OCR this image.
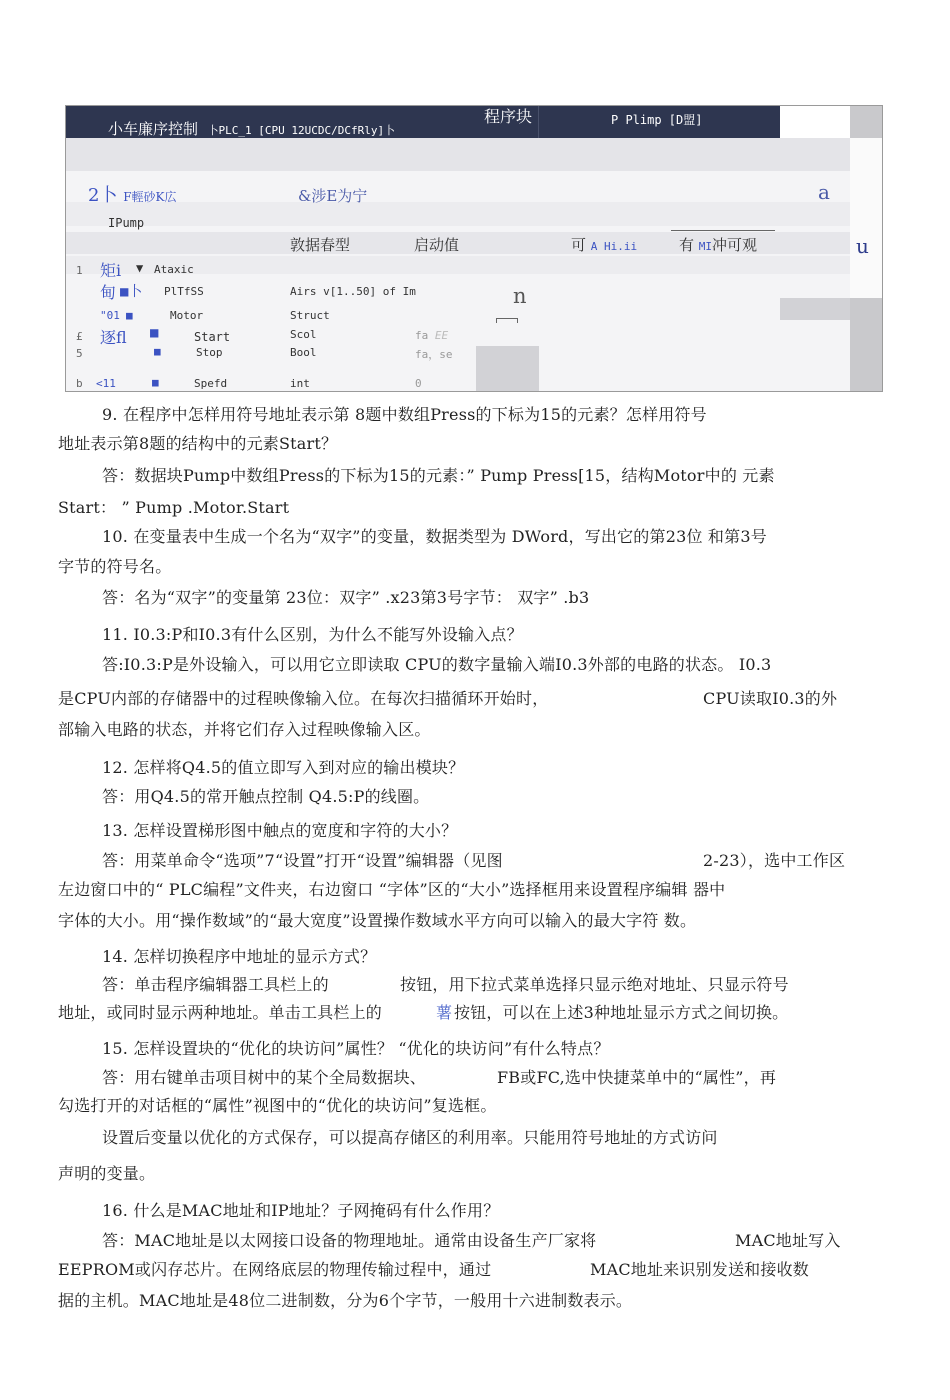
小车廉序控制 卜PLC_1 [CPU 12UCDC/DCfRly]卜
程序块	P Plimp [D盟]
u
2卜 F輕砂K広	&涉E为宁	a
IPump
敦据春型	启动值	可 A Hi.ii	有 MI冲可观
n
1 矩i ▼ Ataxic
甸 ■卜 PlTfSS	Airs v[1..50] of Im
"01 ■	Motor	Struct
£ 逐fl ■	Start	Scol	fa EE
5	■	Stop	Bool	fa，se
b <11	■	Spefd	int	0
9. 在程序中怎样用符号地址表示第 8题中数组Press的下标为15的元素？怎样用符号
地址表示第8题的结构中的元素Start？
答：数据块Pump中数组Press的下标为15的元素：” Pump Press[15，结构Motor中的 元素
Start： ” Pump .Motor.Start
10. 在变量表中生成一个名为“双字”的变量，数据类型为 DWord，写出它的第23位 和第3号
字节的符号名。
答：名为“双字”的变量第 23位：双字” .x23第3号字节： 双字” .b3
11. I0.3:P和I0.3有什么区别，为什么不能写外设输入点？
答:I0.3:P是外设输入，可以用它立即读取 CPU的数字量输入端I0.3外部的电路的状态。 I0.3
是CPU内部的存储器中的过程映像输入位。在每次扫描循环开始时，	CPU读取I0.3的外
部输入电路的状态，并将它们存入过程映像输入区。
12. 怎样将Q4.5的值立即写入到对应的输出模块？
答：用Q4.5的常开触点控制 Q4.5:P的线圈。
13. 怎样设置梯形图中触点的宽度和字符的大小？
答：用菜单命令“选项”7“设置”打开“设置”编辑器（见图	2-23），选中工作区
左边窗口中的“ PLC编程”文件夹，右边窗口 “字体”区的“大小”选择框用来设置程序编辑 器中
字体的大小。用“操作数域”的“最大宽度”设置操作数域水平方向可以输入的最大字符 数。
14. 怎样切换程序中地址的显示方式？
答：单击程序编辑器工具栏上的	按钮，用下拉式菜单选择只显示绝对地址、只显示符号
地址，或同时显示两种地址。单击工具栏上的	薯 按钮，可以在上述3种地址显示方式之间切换。
15. 怎样设置块的“优化的块访问”属性？ “优化的块访问”有什么特点？
答：用右键单击项目树中的某个全局数据块、	FB或FC,选中快捷菜单中的“属性”，再
勾选打开的对话框的“属性”视图中的“优化的块访问”复选框。
设置后变量以优化的方式保存，可以提高存储区的利用率。只能用符号地址的方式访问
声明的变量。
16. 什么是MAC地址和IP地址？子网掩码有什么作用？
答：MAC地址是以太网接口设备的物理地址。通常由设备生产厂家将	MAC地址写入
EEPROM或闪存芯片。在网络底层的物理传输过程中，通过	MAC地址来识别发送和接收数
据的主机。MAC地址是48位二进制数，分为6个字节，一般用十六进制数表示。
